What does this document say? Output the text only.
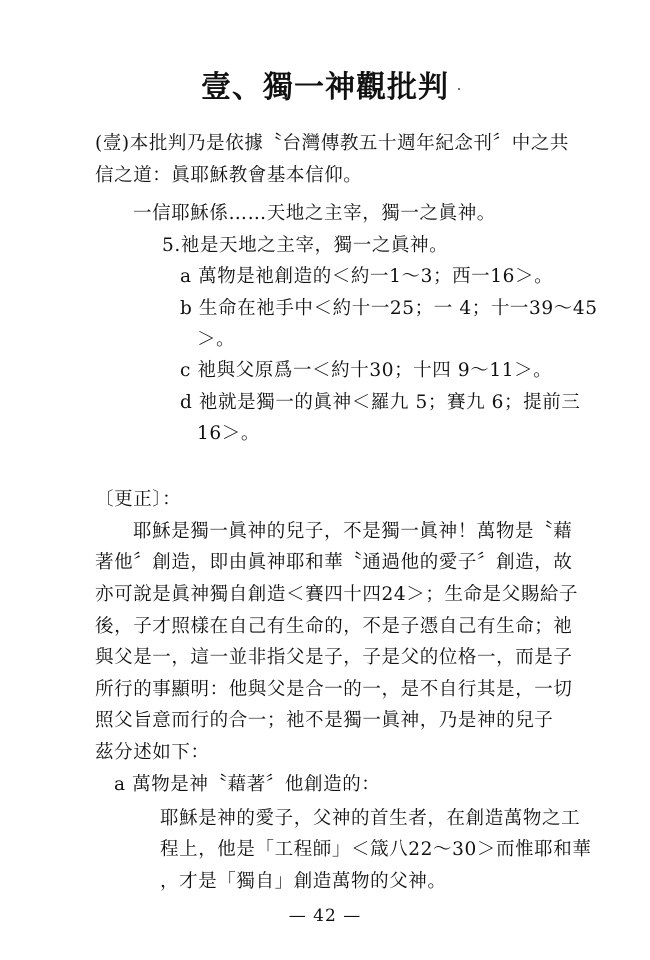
壹、獨一神觀批判
(壹)本批判乃是依據〝台灣傳教五十週年紀念刊〞中之共
信之道：眞耶穌教會基本信仰。
一信耶穌係……天地之主宰，獨一之眞神。
5.祂是天地之主宰，獨一之眞神。
a 萬物是祂創造的＜約一1～3；西一16＞。
b 生命在祂手中＜約十一25；一 4；十一39～45
＞。
c 祂與父原爲一＜約十30；十四 9～11＞。
d 祂就是獨一的眞神＜羅九 5；賽九 6；提前三
16＞。
〔更正〕：
耶穌是獨一眞神的兒子，不是獨一眞神！萬物是〝藉
著他〞創造，即由眞神耶和華〝通過他的愛子〞創造，故
亦可說是眞神獨自創造＜賽四十四24＞；生命是父賜給子
後，子才照樣在自己有生命的，不是子憑自己有生命；祂
與父是一，這一並非指父是子，子是父的位格一，而是子
所行的事顯明：他與父是合一的一，是不自行其是，一切
照父旨意而行的合一；祂不是獨一眞神，乃是神的兒子
茲分述如下：
a 萬物是神〝藉著〞他創造的：
耶穌是神的愛子，父神的首生者，在創造萬物之工
程上，他是「工程師」＜箴八22～30＞而惟耶和華
，才是「獨自」創造萬物的父神。
— 42 —
